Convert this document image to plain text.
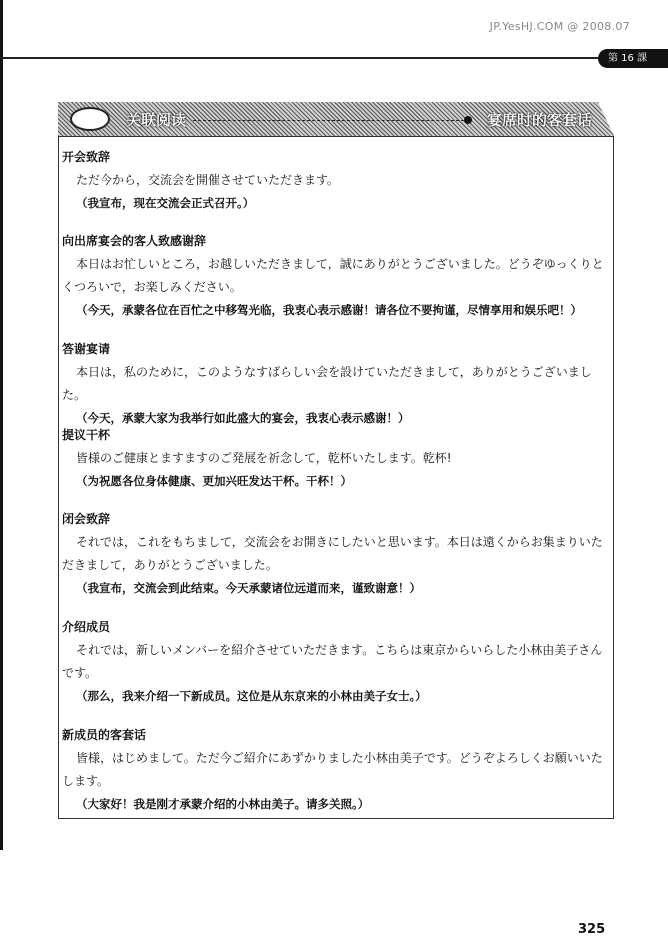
JP.YesHJ.COM @ 2008.07
第 16 課
关联阅读	宴席时的客套话
开会致辞
ただ今から，交流会を開催させていただきます。
（我宣布，现在交流会正式召开。）
向出席宴会的客人致感谢辞
本日はお忙しいところ，お越しいただきまして，誠にありがとうございました。どうぞゆっくりとくつろいで，お楽しみください。
（今天，承蒙各位在百忙之中移驾光临，我衷心表示感谢！请各位不要拘谨，尽情享用和娱乐吧！）
答谢宴请
本日は，私のために，このようなすばらしい会を設けていただきまして，ありがとうございました。
（今天，承蒙大家为我举行如此盛大的宴会，我衷心表示感谢！）
提议干杯
皆様のご健康とますますのご発展を祈念して，乾杯いたします。乾杯!
（为祝愿各位身体健康、更加兴旺发达干杯。干杯！）
闭会致辞
それでは，これをもちまして，交流会をお開きにしたいと思います。本日は遠くからお集まりいただきまして，ありがとうございました。
（我宣布，交流会到此结束。今天承蒙诸位远道而来，谨致谢意！）
介绍成员
それでは，新しいメンバーを紹介させていただきます。こちらは東京からいらした小林由美子さんです。
（那么，我来介绍一下新成员。这位是从东京来的小林由美子女士。）
新成员的客套话
皆様，はじめまして。ただ今ご紹介にあずかりました小林由美子です。どうぞよろしくお願いいたします。
（大家好！我是刚才承蒙介绍的小林由美子。请多关照。）
325
